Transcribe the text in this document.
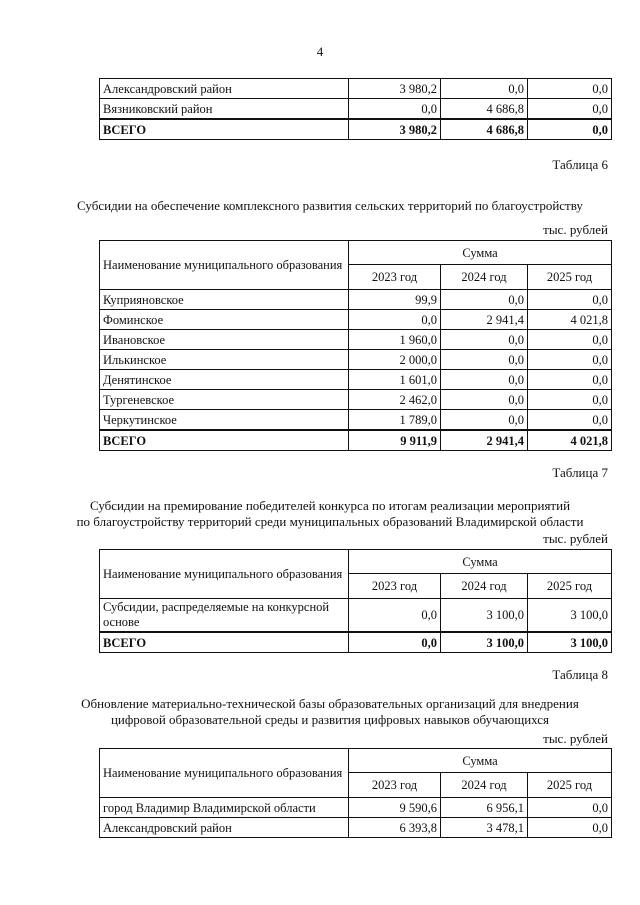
4
Александровский район	3 980,2	0,0	0,0
Вязниковский район	0,0	4 686,8	0,0
ВСЕГО	3 980,2	4 686,8	0,0
Таблица 6
Субсидии на обеспечение комплексного развития сельских территорий по благоустройству
тыс. рублей
Наименование муниципального образования	Сумма		
	2023 год	2024 год	2025 год
Куприяновское	99,9	0,0	0,0
Фоминское	0,0	2 941,4	4 021,8
Ивановское	1 960,0	0,0	0,0
Илькинское	2 000,0	0,0	0,0
Денятинское	1 601,0	0,0	0,0
Тургеневское	2 462,0	0,0	0,0
Черкутинское	1 789,0	0,0	0,0
ВСЕГО	9 911,9	2 941,4	4 021,8
Таблица 7
Субсидии на премирование победителей конкурса по итогам реализации мероприятий
по благоустройству территорий среди муниципальных образований Владимирской области
тыс. рублей
Наименование муниципального образования	Сумма		
	2023 год	2024 год	2025 год
Субсидии, распределяемые на конкурсной основе	0,0	3 100,0	3 100,0
ВСЕГО	0,0	3 100,0	3 100,0
Таблица 8
Обновление материально-технической базы образовательных организаций для внедрения
цифровой образовательной среды и развития цифровых навыков обучающихся
тыс. рублей
Наименование муниципального образования	Сумма		
	2023 год	2024 год	2025 год
город Владимир Владимирской области	9 590,6	6 956,1	0,0
Александровский район	6 393,8	3 478,1	0,0
